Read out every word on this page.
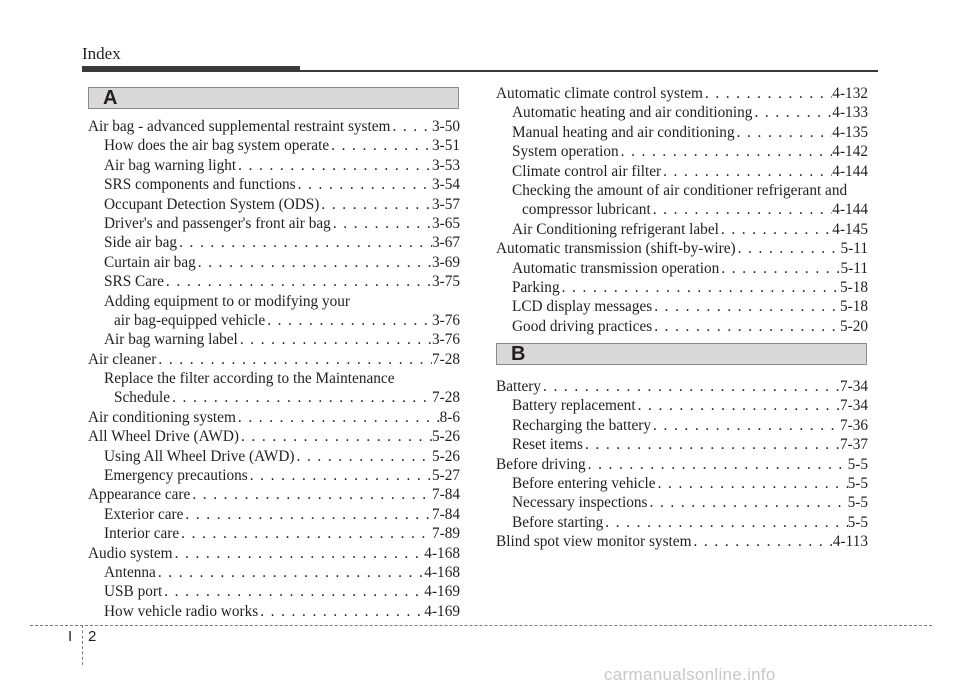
Index
A
Air bag - advanced supplemental restraint system . . .	3-50
How does the air bag system operate . . .	3-51
Air bag warning light . . .	3-53
SRS components and functions . . .	3-54
Occupant Detection System (ODS) . . .	3-57
Driver's and passenger's front air bag . . .	3-65
Side air bag . . .	3-67
Curtain air bag . . .	3-69
SRS Care . . .	3-75
Adding equipment to or modifying your
air bag-equipped vehicle . . .	3-76
Air bag warning label . . .	3-76
Air cleaner . . .	7-28
Replace the filter according to the Maintenance
Schedule . . .	7-28
Air conditioning system . . .	8-6
All Wheel Drive (AWD) . . .	5-26
Using All Wheel Drive (AWD) . . .	5-26
Emergency precautions . . .	5-27
Appearance care . . .	7-84
Exterior care . . .	7-84
Interior care . . .	7-89
Audio system . . .	4-168
Antenna . . .	4-168
USB port . . .	4-169
How vehicle radio works . . .	4-169
Automatic climate control system . . .	4-132
Automatic heating and air conditioning . . .	4-133
Manual heating and air conditioning . . .	4-135
System operation . . .	4-142
Climate control air filter . . .	4-144
Checking the amount of air conditioner refrigerant and
compressor lubricant . . .	4-144
Air Conditioning refrigerant label . . .	4-145
Automatic transmission (shift-by-wire) . . .	5-11
Automatic transmission operation . . .	5-11
Parking . . .	5-18
LCD display messages . . .	5-18
Good driving practices . . .	5-20
B
Battery . . .	7-34
Battery replacement . . .	7-34
Recharging the battery . . .	7-36
Reset items . . .	7-37
Before driving . . .	5-5
Before entering vehicle . . .	5-5
Necessary inspections . . .	5-5
Before starting . . .	5-5
Blind spot view monitor system . . .	4-113
I 2
carmanualsonline.info
